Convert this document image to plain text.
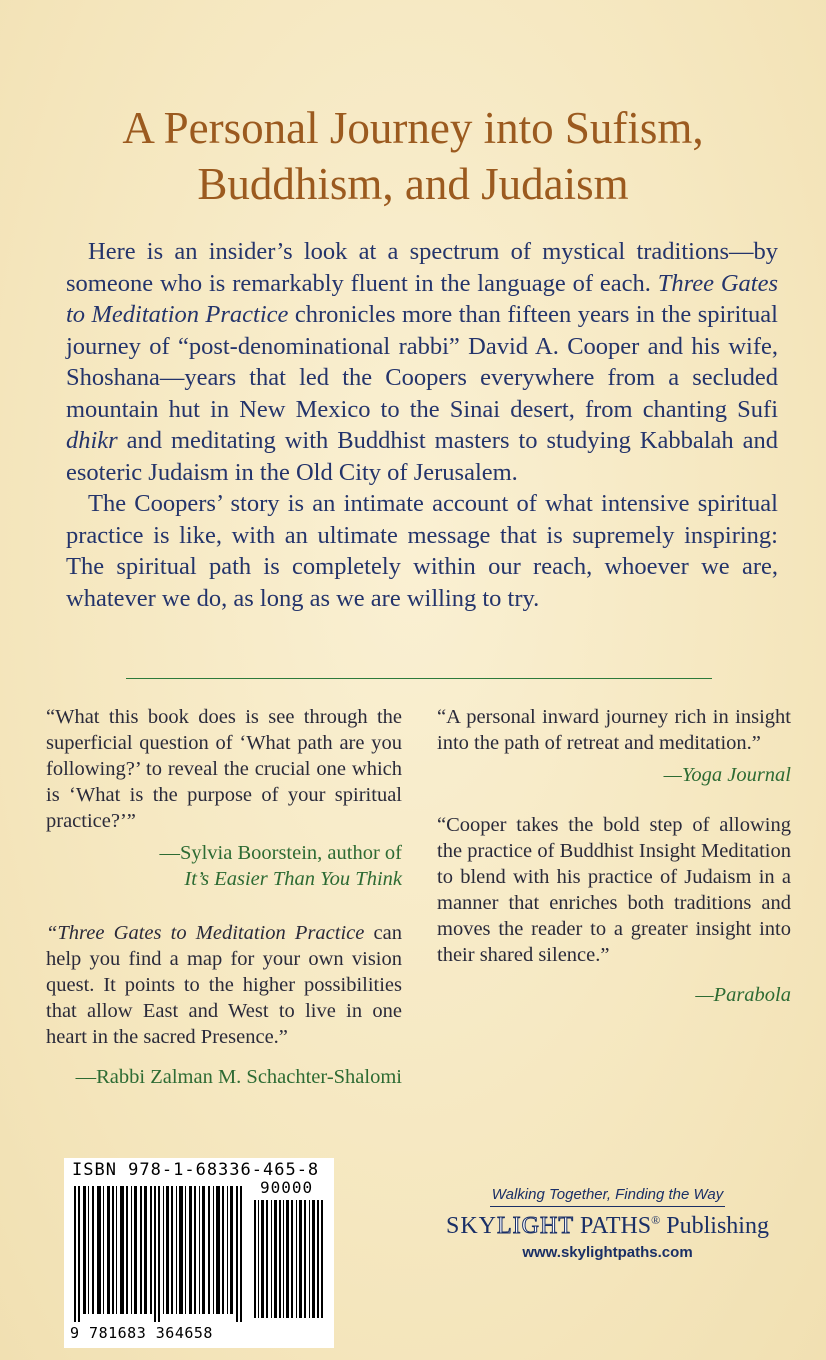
A Personal Journey into Sufism,
Buddhism, and Judaism

Here is an insider’s look at a spectrum of mystical traditions—by someone who is remarkably fluent in the language of each. Three Gates to Meditation Practice chronicles more than fifteen years in the spiritual journey of “post-denominational rabbi” David A. Cooper and his wife, Shoshana—years that led the Coopers everywhere from a secluded mountain hut in New Mexico to the Sinai desert, from chanting Sufi dhikr and meditating with Buddhist masters to studying Kabbalah and esoteric Judaism in the Old City of Jerusalem.

The Coopers’ story is an intimate account of what intensive spiritual practice is like, with an ultimate message that is supremely inspiring: The spiritual path is completely within our reach, whoever we are, whatever we do, as long as we are willing to try.

“What this book does is see through the superficial question of ‘What path are you following?’ to reveal the crucial one which is ‘What is the purpose of your spiritual practice?’”

—Sylvia Boorstein, author of
It’s Easier Than You Think

“Three Gates to Meditation Practice can help you find a map for your own vision quest. It points to the higher possibilities that allow East and West to live in one heart in the sacred Presence.”

—Rabbi Zalman M. Schachter-Shalomi

“A personal inward journey rich in insight into the path of retreat and meditation.”

—Yoga Journal

“Cooper takes the bold step of allowing the practice of Buddhist Insight Meditation to blend with his practice of Judaism in a manner that enriches both traditions and moves the reader to a greater insight into their shared silence.”

—Parabola

ISBN 978-1-68336-465-8
90000
9 781683 364658
Walking Together, Finding the Way
SKYLIGHT PATHS® Publishing
www.skylightpaths.com
